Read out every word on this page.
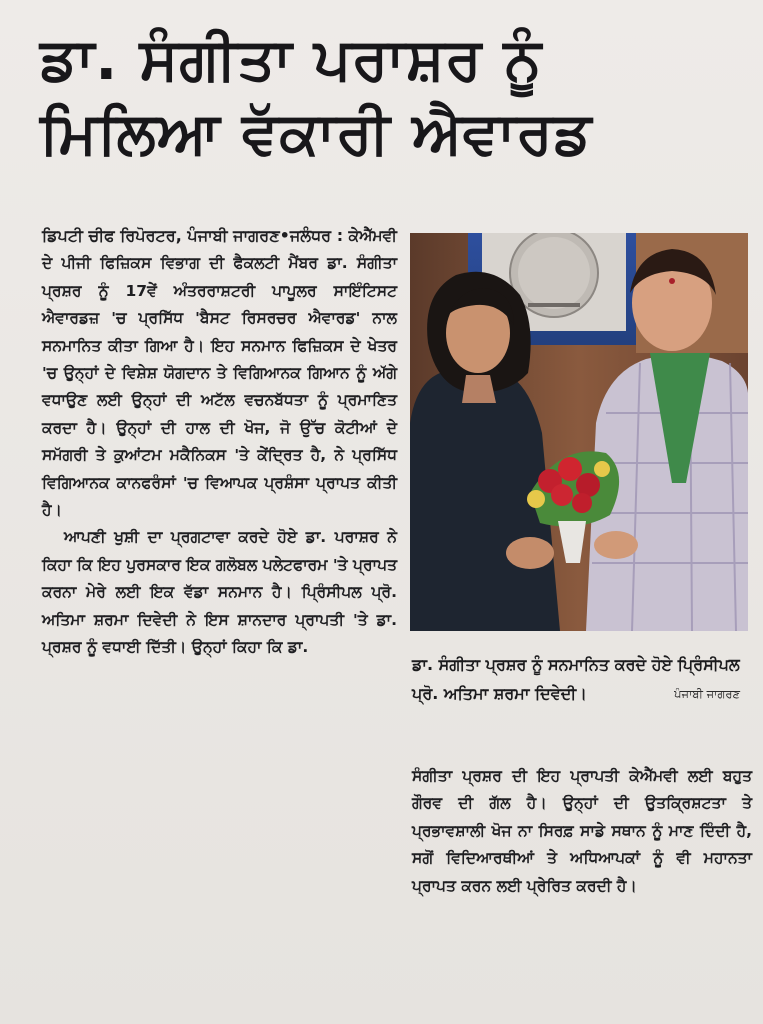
ਡਾ. ਸੰਗੀਤਾ ਪਰਾਸ਼ਰ ਨੂੰ
ਮਿਲਿਆ ਵੱਕਾਰੀ ਐਵਾਰਡ

ਡਿਪਟੀ ਚੀਫ ਰਿਪੋਰਟਰ, ਪੰਜਾਬੀ ਜਾਗਰਣ•ਜਲੰਧਰ : ਕੇਐੱਮਵੀ ਦੇ ਪੀਜੀ ਫਿਜ਼ਿਕਸ ਵਿਭਾਗ ਦੀ ਫੈਕਲਟੀ ਮੈਂਬਰ ਡਾ. ਸੰਗੀਤਾ ਪ੍ਰਸ਼ਰ ਨੂੰ 17ਵੇਂ ਅੰਤਰਰਾਸ਼ਟਰੀ ਪਾਪੂਲਰ ਸਾਇੰਟਿਸਟ ਐਵਾਰਡਜ਼ 'ਚ ਪ੍ਰਸਿੱਧ 'ਬੈਸਟ ਰਿਸਰਚਰ ਐਵਾਰਡ' ਨਾਲ ਸਨਮਾਨਿਤ ਕੀਤਾ ਗਿਆ ਹੈ। ਇਹ ਸਨਮਾਨ ਫਿਜ਼ਿਕਸ ਦੇ ਖੇਤਰ 'ਚ ਉਨ੍ਹਾਂ ਦੇ ਵਿਸ਼ੇਸ਼ ਯੋਗਦਾਨ ਤੇ ਵਿਗਿਆਨਕ ਗਿਆਨ ਨੂੰ ਅੱਗੇ ਵਧਾਉਣ ਲਈ ਉਨ੍ਹਾਂ ਦੀ ਅਟੱਲ ਵਚਨਬੱਧਤਾ ਨੂੰ ਪ੍ਰਮਾਣਿਤ ਕਰਦਾ ਹੈ। ਉਨ੍ਹਾਂ ਦੀ ਹਾਲ ਦੀ ਖੋਜ, ਜੋ ਉੱਚ ਕੋਟੀਆਂ ਦੇ ਸਮੱਗਰੀ ਤੇ ਕੁਆਂਟਮ ਮਕੈਨਿਕਸ 'ਤੇ ਕੇਂਦ੍ਰਿਤ ਹੈ, ਨੇ ਪ੍ਰਸਿੱਧ ਵਿਗਿਆਨਕ ਕਾਨਫਰੰਸਾਂ 'ਚ ਵਿਆਪਕ ਪ੍ਰਸ਼ੰਸਾ ਪ੍ਰਾਪਤ ਕੀਤੀ ਹੈ।

ਆਪਣੀ ਖੁਸ਼ੀ ਦਾ ਪ੍ਰਗਟਾਵਾ ਕਰਦੇ ਹੋਏ ਡਾ. ਪਰਾਸ਼ਰ ਨੇ ਕਿਹਾ ਕਿ ਇਹ ਪੁਰਸਕਾਰ ਇਕ ਗਲੋਬਲ ਪਲੇਟਫਾਰਮ 'ਤੇ ਪ੍ਰਾਪਤ ਕਰਨਾ ਮੇਰੇ ਲਈ ਇਕ ਵੱਡਾ ਸਨਮਾਨ ਹੈ। ਪ੍ਰਿੰਸੀਪਲ ਪ੍ਰੋ. ਅਤਿਮਾ ਸ਼ਰਮਾ ਦਿਵੇਦੀ ਨੇ ਇਸ ਸ਼ਾਨਦਾਰ ਪ੍ਰਾਪਤੀ 'ਤੇ ਡਾ. ਪ੍ਰਸ਼ਰ ਨੂੰ ਵਧਾਈ ਦਿੱਤੀ। ਉਨ੍ਹਾਂ ਕਿਹਾ ਕਿ ਡਾ.

ਡਾ. ਸੰਗੀਤਾ ਪ੍ਰਸ਼ਰ ਨੂੰ ਸਨਮਾਨਿਤ ਕਰਦੇ ਹੋਏ ਪ੍ਰਿੰਸੀਪਲ ਪ੍ਰੋ. ਅਤਿਮਾ ਸ਼ਰਮਾ ਦਿਵੇਦੀ।	ਪੰਜਾਬੀ ਜਾਗਰਣ

ਸੰਗੀਤਾ ਪ੍ਰਸ਼ਰ ਦੀ ਇਹ ਪ੍ਰਾਪਤੀ ਕੇਐੱਮਵੀ ਲਈ ਬਹੁਤ ਗੌਰਵ ਦੀ ਗੱਲ ਹੈ। ਉਨ੍ਹਾਂ ਦੀ ਉਤਕ੍ਰਿਸ਼ਟਤਾ ਤੇ ਪ੍ਰਭਾਵਸ਼ਾਲੀ ਖੋਜ ਨਾ ਸਿਰਫ਼ ਸਾਡੇ ਸਥਾਨ ਨੂੰ ਮਾਣ ਦਿੰਦੀ ਹੈ, ਸਗੋਂ ਵਿਦਿਆਰਥੀਆਂ ਤੇ ਅਧਿਆਪਕਾਂ ਨੂੰ ਵੀ ਮਹਾਨਤਾ ਪ੍ਰਾਪਤ ਕਰਨ ਲਈ ਪ੍ਰੇਰਿਤ ਕਰਦੀ ਹੈ।
